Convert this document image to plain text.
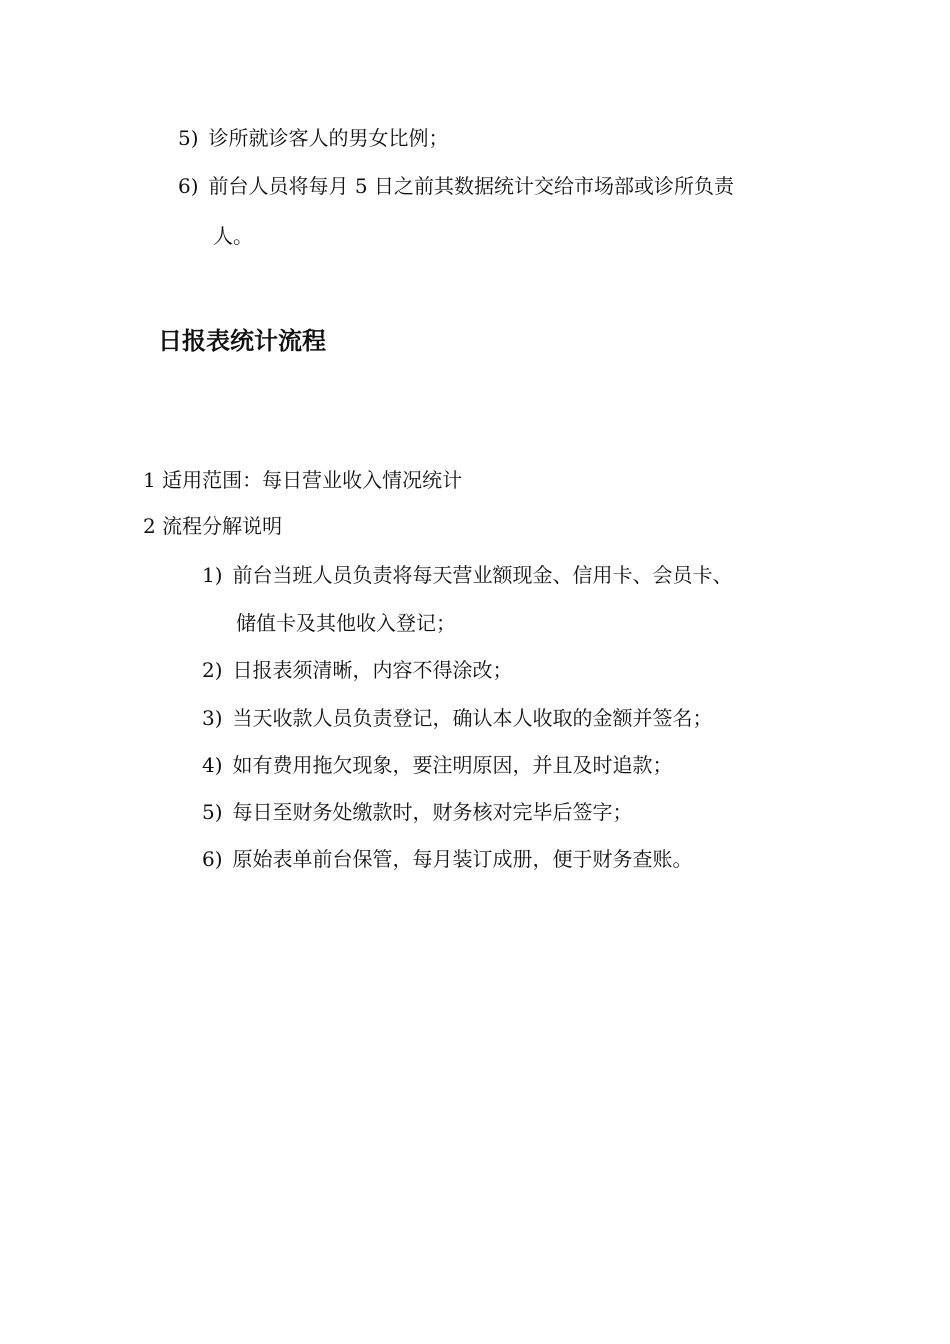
5) 诊所就诊客人的男女比例；
6) 前台人员将每月 5 日之前其数据统计交给市场部或诊所负责
人。
日报表统计流程
1 适用范围：每日营业收入情况统计
2 流程分解说明
1) 前台当班人员负责将每天营业额现金、信用卡、会员卡、
储值卡及其他收入登记；
2) 日报表须清晰，内容不得涂改；
3) 当天收款人员负责登记，确认本人收取的金额并签名；
4) 如有费用拖欠现象，要注明原因，并且及时追款；
5) 每日至财务处缴款时，财务核对完毕后签字；
6) 原始表单前台保管，每月装订成册，便于财务查账。
